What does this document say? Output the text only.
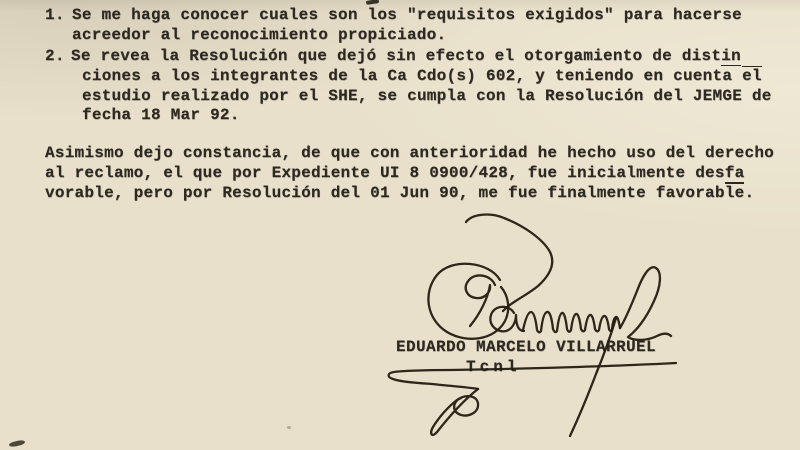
1. Se me haga conocer cuales son los "requisitos exigidos" para hacerse
acreedor al reconocimiento propiciado.
2. Se revea la Resolución que dejó sin efecto el otorgamiento de distin
ciones a los integrantes de la Ca Cdo(s) 602, y teniendo en cuenta el
estudio realizado por el SHE, se cumpla con la Resolución del JEMGE de
fecha 18 Mar 92.
Asimismo dejo constancia, de que con anterioridad he hecho uso del derecho
al reclamo, el que por Expediente UI 8 0900/428, fue inicialmente desfa
vorable, pero por Resolución del 01 Jun 90, me fue finalmente favorable.
EDUARDO MARCELO VILLARRUEL
Tcnl
